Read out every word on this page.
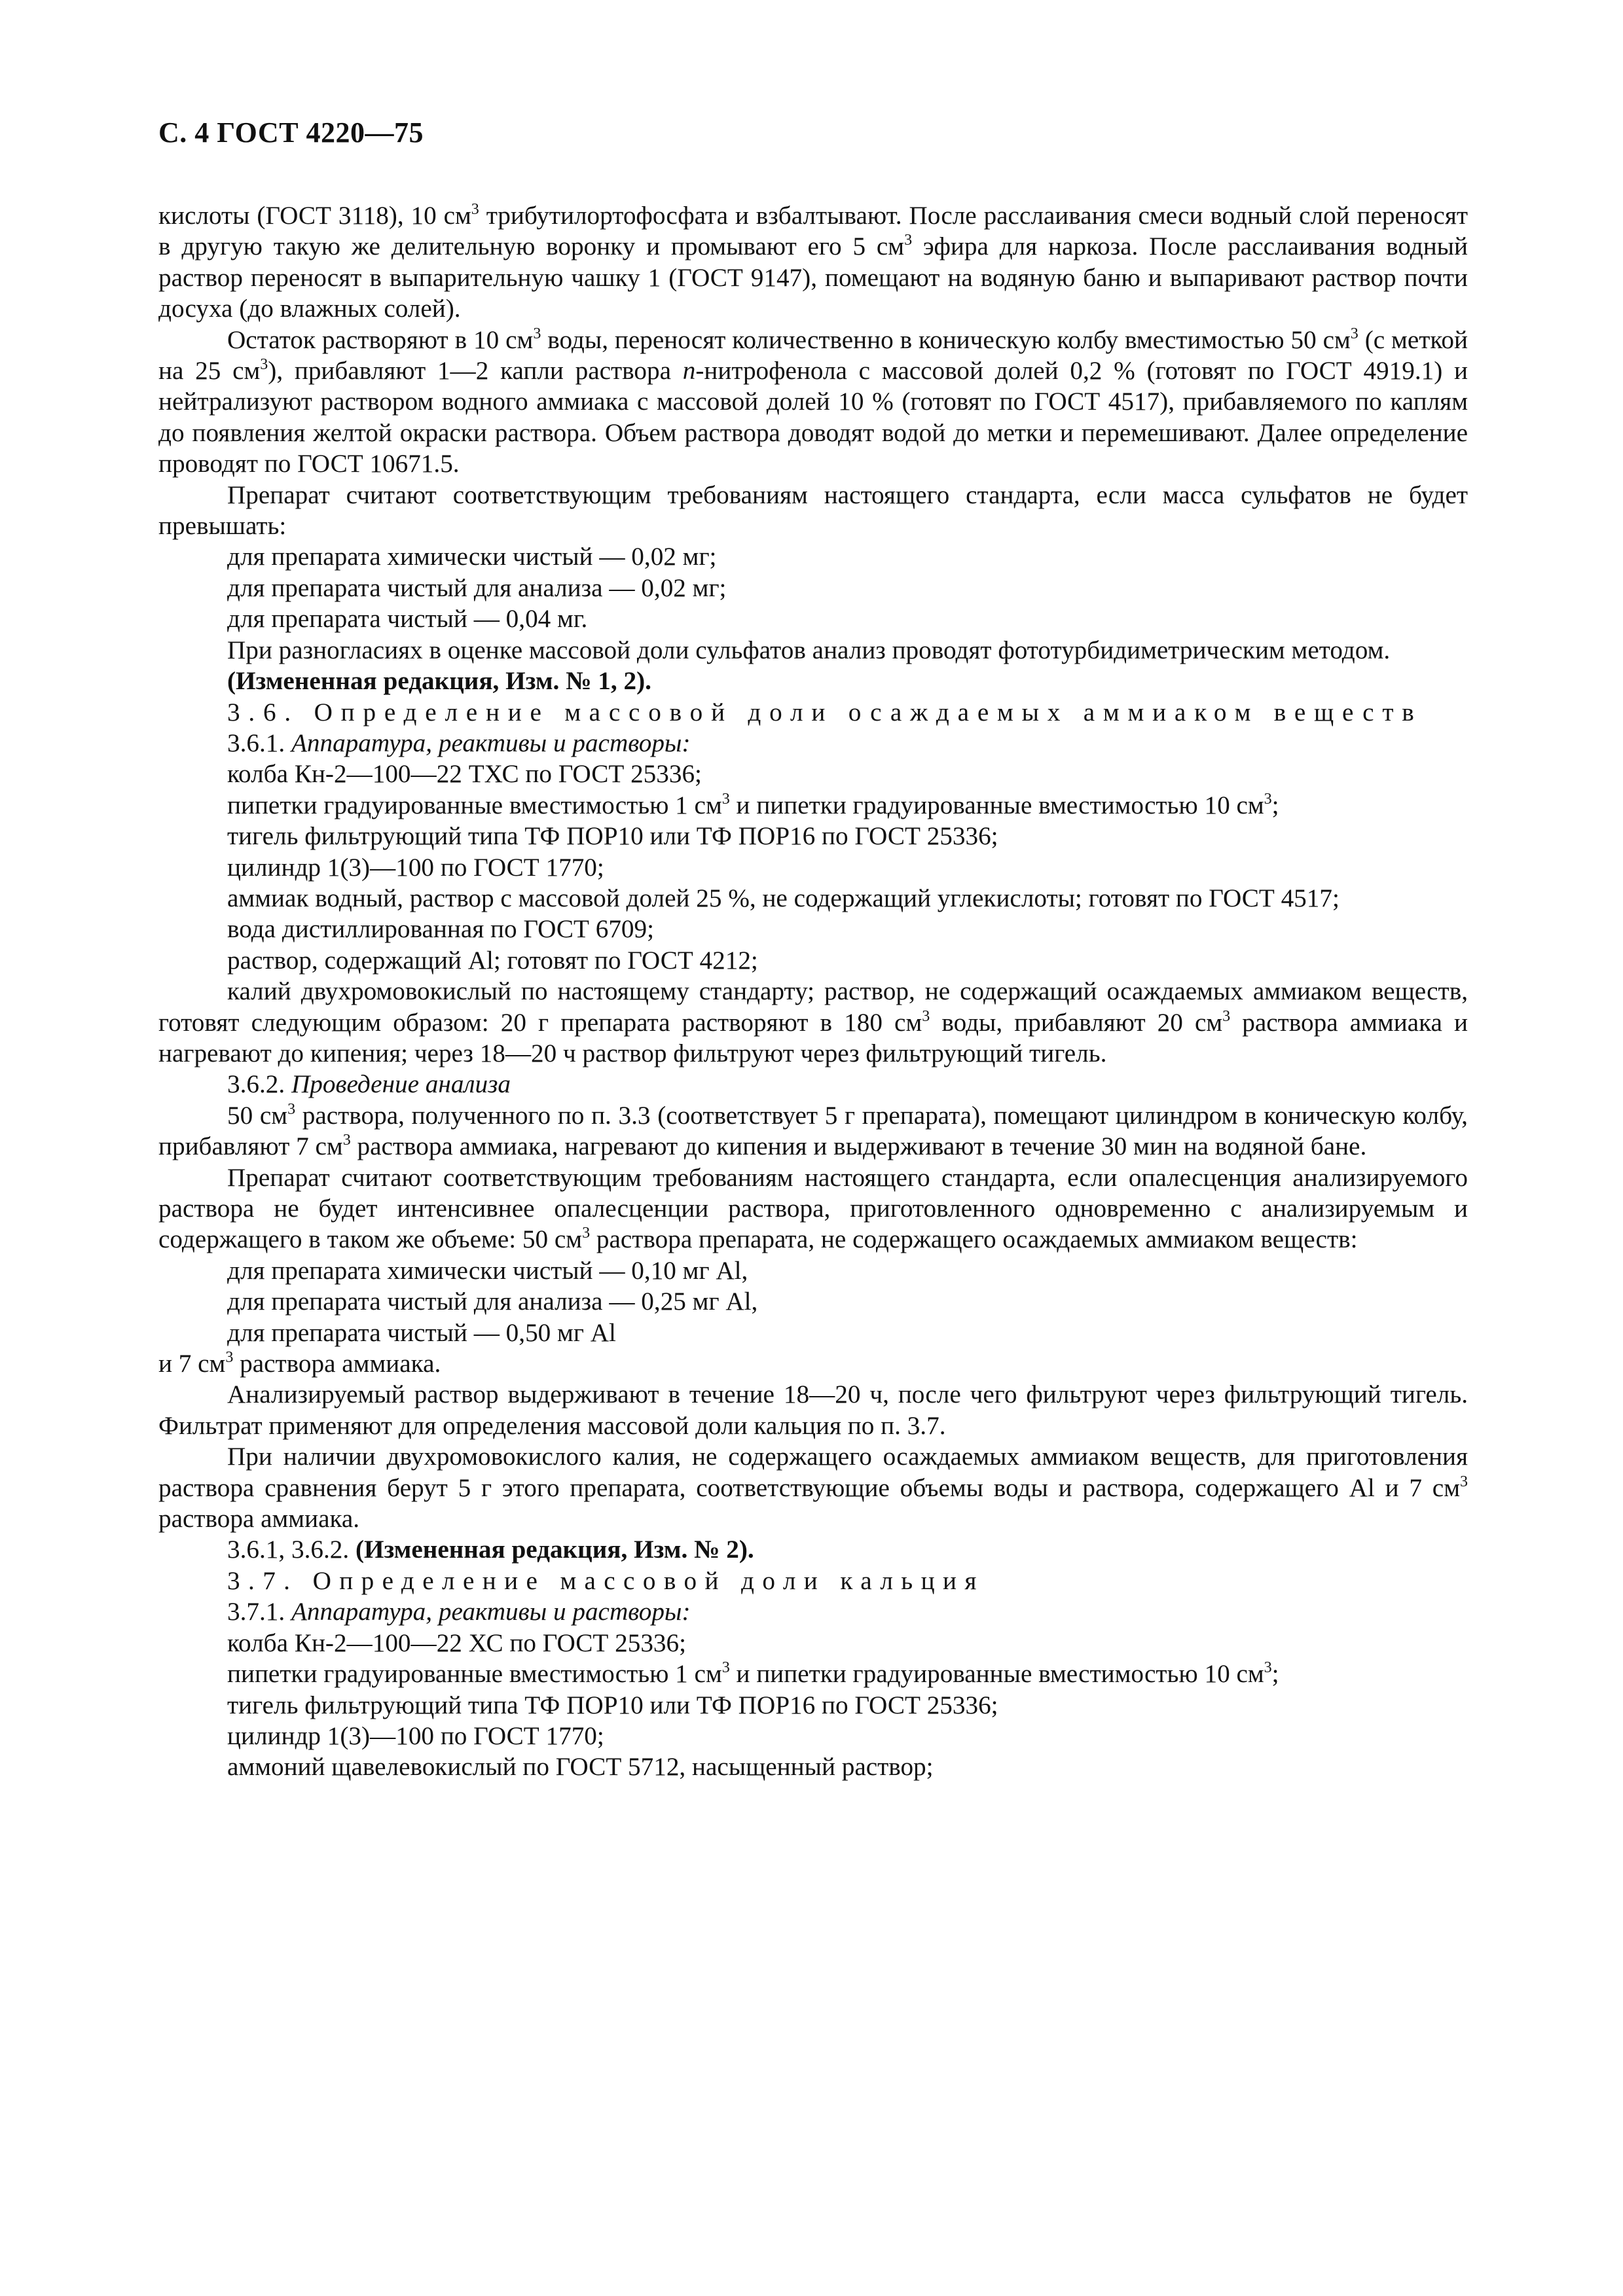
С. 4 ГОСТ 4220—75

кислоты (ГОСТ 3118), 10 $см^3$ трибутилортофосфата и взбалтывают. После расслаивания смеси водный слой переносят в другую такую же делительную воронку и промывают его 5 $см^3$ эфира для наркоза. После расслаивания водный раствор переносят в выпарительную чашку 1 (ГОСТ 9147), помещают на водяную баню и выпаривают раствор почти досуха (до влажных солей).

Остаток растворяют в 10 $см^3$ воды, переносят количественно в коническую колбу вместимостью 50 $см^3$ (с меткой на 25 $см^3$), прибавляют 1—2 капли раствора n-нитрофенола с массовой долей 0,2 % (готовят по ГОСТ 4919.1) и нейтрализуют раствором водного аммиака с массовой долей 10 % (готовят по ГОСТ 4517), прибавляемого по каплям до появления желтой окраски раствора. Объем раствора доводят водой до метки и перемешивают. Далее определение проводят по ГОСТ 10671.5.

Препарат считают соответствующим требованиям настоящего стандарта, если масса сульфатов не будет превышать:

для препарата химически чистый — 0,02 мг;

для препарата чистый для анализа — 0,02 мг;

для препарата чистый — 0,04 мг.

При разногласиях в оценке массовой доли сульфатов анализ проводят фототурбидиметрическим методом.

(Измененная редакция, Изм. № 1, 2).

3.6. Определение массовой доли осаждаемых аммиаком веществ

3.6.1. Аппаратура, реактивы и растворы:

колба Кн-2—100—22 ТХС по ГОСТ 25336;

пипетки градуированные вместимостью 1 $см^3$ и пипетки градуированные вместимостью 10 $см^3$;

тигель фильтрующий типа ТФ ПОР10 или ТФ ПОР16 по ГОСТ 25336;

цилиндр 1(3)—100 по ГОСТ 1770;

аммиак водный, раствор с массовой долей 25 %, не содержащий углекислоты; готовят по ГОСТ 4517;

вода дистиллированная по ГОСТ 6709;

раствор, содержащий Al; готовят по ГОСТ 4212;

калий двухромовокислый по настоящему стандарту; раствор, не содержащий осаждаемых аммиаком веществ, готовят следующим образом: 20 г препарата растворяют в 180 $см^3$ воды, прибавляют 20 $см^3$ раствора аммиака и нагревают до кипения; через 18—20 ч раствор фильтруют через фильтрующий тигель.

3.6.2. Проведение анализа

50 $см^3$ раствора, полученного по п. 3.3 (соответствует 5 г препарата), помещают цилиндром в коническую колбу, прибавляют 7 $см^3$ раствора аммиака, нагревают до кипения и выдерживают в течение 30 мин на водяной бане.

Препарат считают соответствующим требованиям настоящего стандарта, если опалесценция анализируемого раствора не будет интенсивнее опалесценции раствора, приготовленного одновременно с анализируемым и содержащего в таком же объеме: 50 $см^3$ раствора препарата, не содержащего осаждаемых аммиаком веществ:

для препарата химически чистый — 0,10 мг Al,

для препарата чистый для анализа — 0,25 мг Al,

для препарата чистый — 0,50 мг Al

и 7 $см^3$ раствора аммиака.

Анализируемый раствор выдерживают в течение 18—20 ч, после чего фильтруют через фильтрующий тигель. Фильтрат применяют для определения массовой доли кальция по п. 3.7.

При наличии двухромовокислого калия, не содержащего осаждаемых аммиаком веществ, для приготовления раствора сравнения берут 5 г этого препарата, соответствующие объемы воды и раствора, содержащего Al и 7 $см^3$ раствора аммиака.

3.6.1, 3.6.2. (Измененная редакция, Изм. № 2).

3.7. Определение массовой доли кальция

3.7.1. Аппаратура, реактивы и растворы:

колба Кн-2—100—22 ХС по ГОСТ 25336;

пипетки градуированные вместимостью 1 $см^3$ и пипетки градуированные вместимостью 10 $см^3$;

тигель фильтрующий типа ТФ ПОР10 или ТФ ПОР16 по ГОСТ 25336;

цилиндр 1(3)—100 по ГОСТ 1770;

аммоний щавелевокислый по ГОСТ 5712, насыщенный раствор;
